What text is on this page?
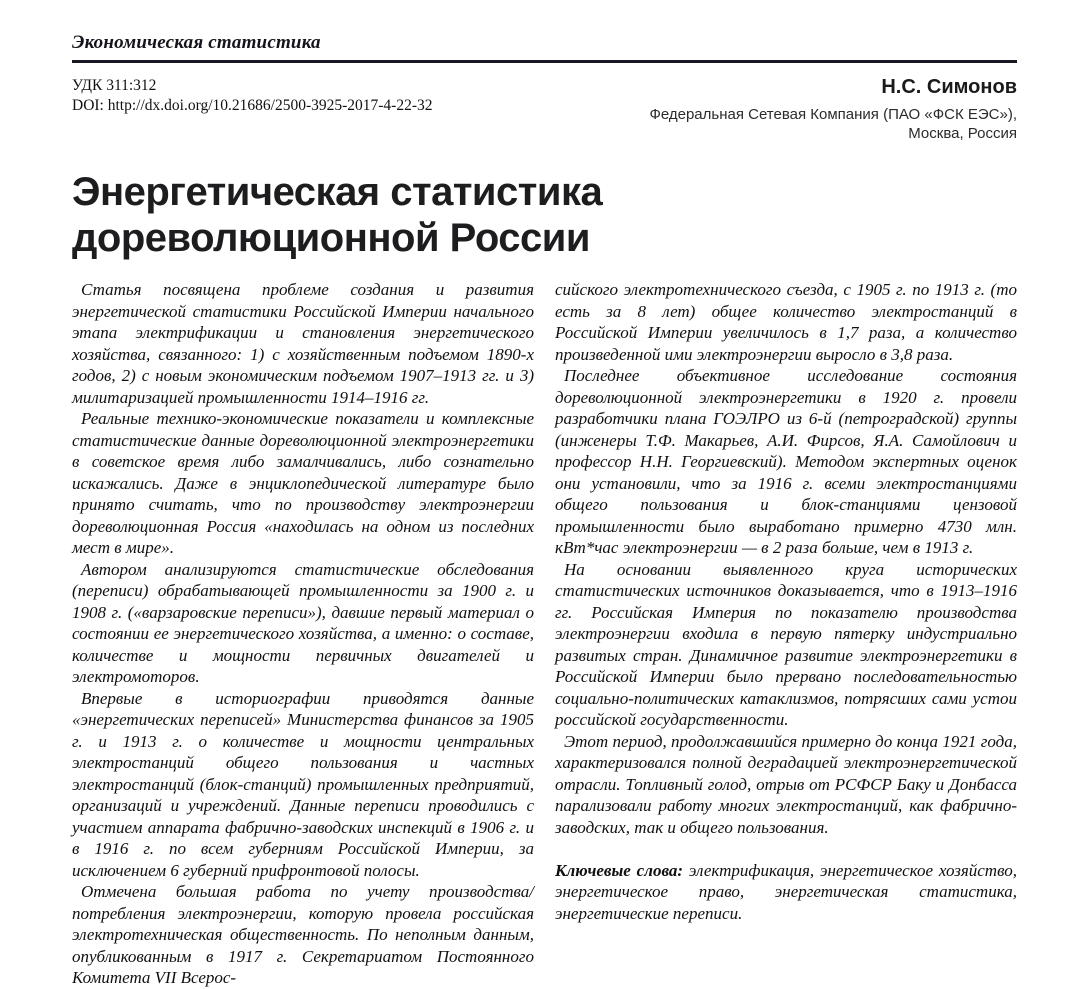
Экономическая статистика
УДК 311:312
DOI: http://dx.doi.org/10.21686/2500-3925-2017-4-22-32
Н.С. Симонов
Федеральная Сетевая Компания (ПАО «ФСК ЕЭС»),
Москва, Россия
Энергетическая статистика
дореволюционной России

Статья посвящена проблеме создания и развития энергетической статистики Российской Империи начального этапа электрификации и становления энергетического хозяйства, связанного: 1) с хозяйственным подъемом 1890-х годов, 2) с новым экономическим подъемом 1907–1913 гг. и 3) милитаризацией промышленности 1914–1916 гг.

Реальные технико-экономические показатели и комплексные статистические данные дореволюционной электроэнергетики в советское время либо замалчивались, либо сознательно искажались. Даже в энциклопедической литературе было принято считать, что по производству электроэнергии дореволюционная Россия «находилась на одном из последних мест в мире».

Автором анализируются статистические обследования (переписи) обрабатывающей промышленности за 1900 г. и 1908 г. («варзаровские переписи»), давшие первый материал о состоянии ее энергетического хозяйства, а именно: о составе, количестве и мощности первичных двигателей и электромоторов.

Впервые в историографии приводятся данные «энергетических переписей» Министерства финансов за 1905 г. и 1913 г. о количестве и мощности центральных электростанций общего пользования и частных электростанций (блок-станций) промышленных предприятий, организаций и учреждений. Данные переписи проводились с участием аппарата фабрично-заводских инспекций в 1906 г. и в 1916 г. по всем губерниям Российской Империи, за исключением 6 губерний прифронтовой полосы.

Отмечена большая работа по учету производства/потребления электроэнергии, которую провела российская электротехническая общественность. По неполным данным, опубликованным в 1917 г. Секретариатом Постоянного Комитета VII Всерос-

сийского электротехнического съезда, с 1905 г. по 1913 г. (то есть за 8 лет) общее количество электростанций в Российской Империи увеличилось в 1,7 раза, а количество произведенной ими электроэнергии выросло в 3,8 раза.

Последнее объективное исследование состояния дореволюционной электроэнергетики в 1920 г. провели разработчики плана ГОЭЛРО из 6-й (петроградской) группы (инженеры Т.Ф. Макарьев, А.И. Фирсов, Я.А. Самойлович и профессор Н.Н. Георгиевский). Методом экспертных оценок они установили, что за 1916 г. всеми электростанциями общего пользования и блок-станциями цензовой промышленности было выработано примерно 4730 млн. кВт*час электроэнергии — в 2 раза больше, чем в 1913 г.

На основании выявленного круга исторических статистических источников доказывается, что в 1913–1916 гг. Российская Империя по показателю производства электроэнергии входила в первую пятерку индустриально развитых стран. Динамичное развитие электроэнергетики в Российской Империи было прервано последовательностью социально-политических катаклизмов, потрясших сами устои российской государственности.

Этот период, продолжавшийся примерно до конца 1921 года, характеризовался полной деградацией электроэнергетической отрасли. Топливный голод, отрыв от РСФСР Баку и Донбасса парализовали работу многих электростанций, как фабрично-заводских, так и общего пользования.

Ключевые слова: электрификация, энергетическое хозяйство, энергетическое право, энергетическая статистика, энергетические переписи.
